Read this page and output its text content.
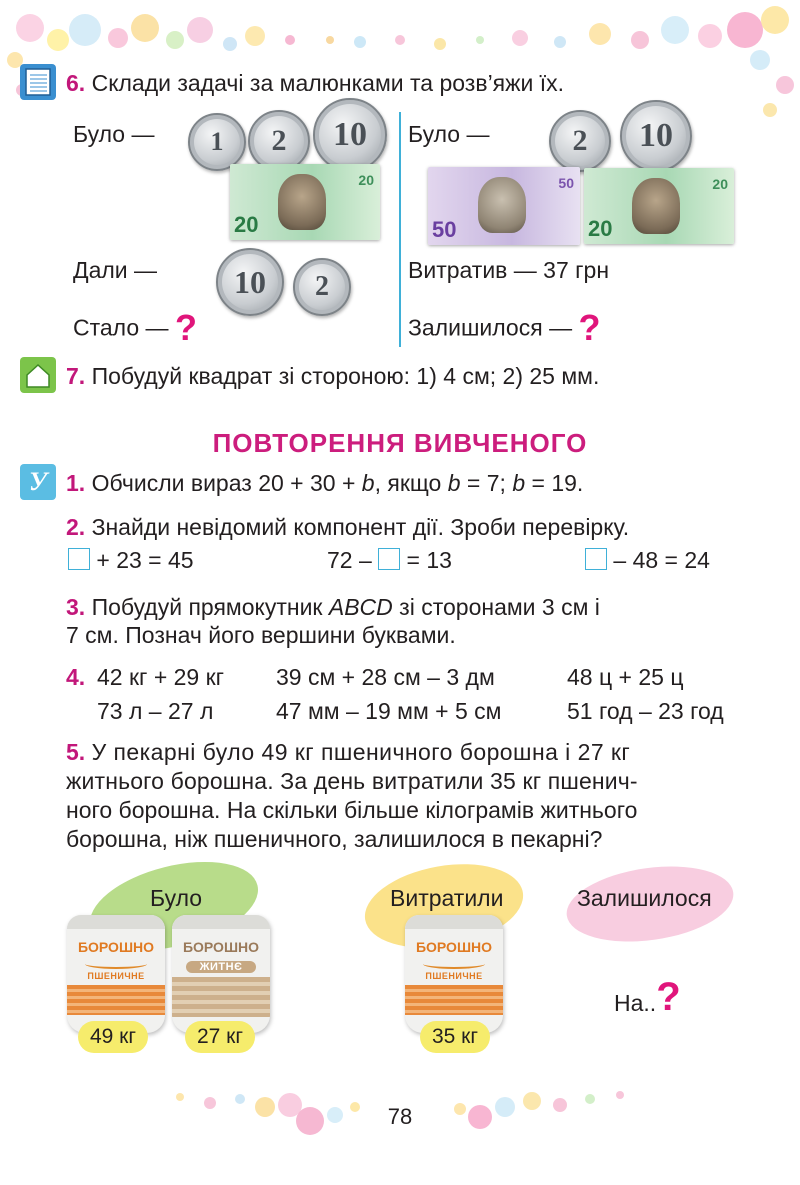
6. Склади задачі за малюнками та розв’яжи їх.
Було — 1 2 10
20
20
Дали — 10 2
Стало — ?
Було —	2 10
50
50
20
20
Витратив — 37 грн
Залишилося — ?
7. Побудуй квадрат зі стороною: 1) 4 см; 2) 25 мм.
ПОВТОРЕННЯ ВИВЧЕНОГО
У 1. Обчисли вираз 20 + 30 + b, якщо b = 7; b = 19.
2. Знайди невідомий компонент дії. Зроби перевірку.
+ 23 = 45	72 – = 13	– 48 = 24
3. Побудуй прямокутник ABCD зі сторонами 3 см і
7 см. Познач його вершини буквами.
4. 42 кг + 29 кг 39 см + 28 см – 3 дм	48 ц + 25 ц
73 л – 27 л	47 мм – 19 мм + 5 см	51 год – 23 год
5. У пекарні було 49 кг пшеничного борошна і 27 кг
житнього борошна. За день витратили 35 кг пшенич-
ного борошна. На скільки більше кілограмів житнього
борошна, ніж пшеничного, залишилося в пекарні?
Було	Витратили	Залишилося
БОРОШНО
ПШЕНИЧНЕ
БОРОШНО
ЖИТНЄ
БОРОШНО
ПШЕНИЧНЕ
49 кг	27 кг	35 кг
На..?
78
